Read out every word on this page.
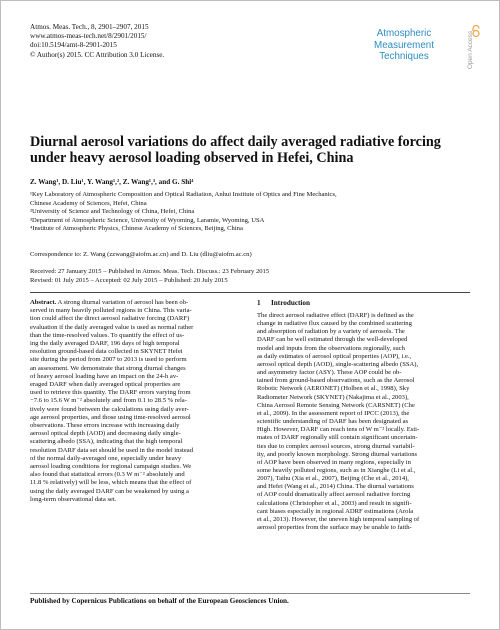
Atmos. Meas. Tech., 8, 2901–2907, 2015
www.atmos-meas-tech.net/8/2901/2015/
doi:10.5194/amt-8-2901-2015
© Author(s) 2015. CC Attribution 3.0 License.
Atmospheric
Measurement
Techniques	Open Access
Diurnal aerosol variations do affect daily averaged radiative forcing
under heavy aerosol loading observed in Hefei, China
Z. Wang¹, D. Liu¹, Y. Wang¹,², Z. Wang¹,³, and G. Shi⁴
¹Key Laboratory of Atmospheric Composition and Optical Radiation, Anhui Institute of Optics and Fine Mechanics,
Chinese Academy of Sciences, Hefei, China
²University of Science and Technology of China, Hefei, China
³Department of Atmospheric Science, University of Wyoming, Laramie, Wyoming, USA
⁴Institute of Atmospheric Physics, Chinese Academy of Sciences, Beijing, China
Correspondence to: Z. Wang (zzwang@aiofm.ac.cn) and D. Liu (dliu@aiofm.ac.cn)
Received: 27 January 2015 – Published in Atmos. Meas. Tech. Discuss.: 23 February 2015
Revised: 01 July 2015 – Accepted: 02 July 2015 – Published: 20 July 2015
Abstract. A strong diurnal variation of aerosol has been ob-
served in many heavily polluted regions in China. This varia-
tion could affect the direct aerosol radiative forcing (DARF)
evaluation if the daily averaged value is used as normal rather
than the time-resolved values. To quantify the effect of us-
ing the daily averaged DARF, 196 days of high temporal
resolution ground-based data collected in SKYNET Hefei
site during the period from 2007 to 2013 is used to perform
an assessment. We demonstrate that strong diurnal changes
of heavy aerosol loading have an impact on the 24-h av-
eraged DARF when daily averaged optical properties are
used to retrieve this quantity. The DARF errors varying from
−7.6 to 15.6 W m⁻² absolutely and from 0.1 to 28.5 % rela-
tively were found between the calculations using daily aver-
age aerosol properties, and those using time-resolved aerosol
observations. These errors increase with increasing daily
aerosol optical depth (AOD) and decreasing daily single-
scattering albedo (SSA), indicating that the high temporal
resolution DARF data set should be used in the model instead
of the normal daily-averaged one, especially under heavy
aerosol loading conditions for regional campaign studies. We
also found that statistical errors (0.3 W m⁻² absolutely and
11.8 % relatively) will be less, which means that the effect of
using the daily averaged DARF can be weakened by using a
long-term observational data set.
1 Introduction
The direct aerosol radiative effect (DARF) is defined as the
change in radiative flux caused by the combined scattering
and absorption of radiation by a variety of aerosols. The
DARF can be well estimated through the well-developed
model and inputs from the observations regionally, such
as daily estimates of aerosol optical properties (AOP), i.e.,
aerosol optical depth (AOD), single-scattering albedo (SSA),
and asymmetry factor (ASY). These AOP could be ob-
tained from ground-based observations, such as the Aerosol
Robotic Network (AERONET) (Holben et al., 1998), Sky
Radiometer Network (SKYNET) (Nakajima et al., 2003),
China Aerosol Remote Sensing Network (CARSNET) (Che
et al., 2009). In the assessment report of IPCC (2013), the
scientific understanding of DARF has been designated as
High. However, DARF can reach tens of W m⁻² locally. Esti-
mates of DARF regionally still contain significant uncertain-
ties due to complex aerosol sources, strong diurnal variabil-
ity, and poorly known morphology. Strong diurnal variations
of AOP have been observed in many regions, especially in
some heavily polluted regions, such as in Xianghe (Li et al.,
2007), Taihu (Xia et al., 2007), Beijing (Che et al., 2014),
and Hefei (Wang et al., 2014) China. The diurnal variations
of AOP could dramatically affect aerosol radiative forcing
calculations (Christopher et al., 2003) and result in signifi-
cant biases especially in regional ADRF estimations (Arola
et al., 2013). However, the uneven high temporal sampling of
aerosol properties from the surface may be unable to faith-
Published by Copernicus Publications on behalf of the European Geosciences Union.
